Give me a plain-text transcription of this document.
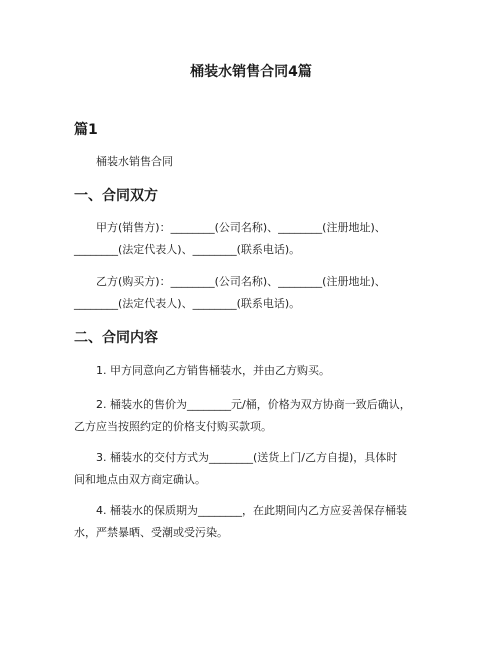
桶装水销售合同4篇
篇1
桶装水销售合同
一、合同双方
甲方(销售方)：________(公司名称)、________(注册地址)、
________(法定代表人)、________(联系电话)。
乙方(购买方)：________(公司名称)、________(注册地址)、
________(法定代表人)、________(联系电话)。
二、合同内容
1. 甲方同意向乙方销售桶装水，并由乙方购买。
2. 桶装水的售价为________元/桶，价格为双方协商一致后确认，
乙方应当按照约定的价格支付购买款项。
3. 桶装水的交付方式为________(送货上门/乙方自提)，具体时
间和地点由双方商定确认。
4. 桶装水的保质期为________，在此期间内乙方应妥善保存桶装
水，严禁暴晒、受潮或受污染。
